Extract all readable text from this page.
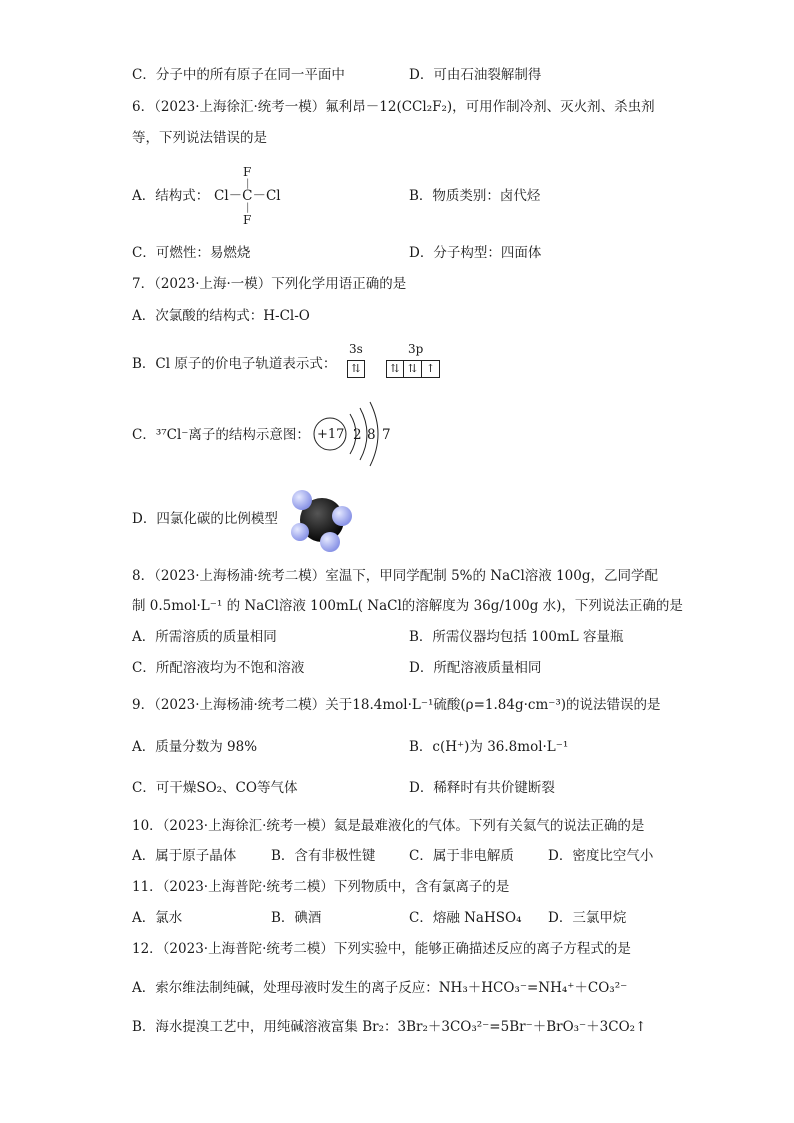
C．分子中的所有原子在同一平面中	D．可由石油裂解制得
6．（2023·上海徐汇·统考一模）氟利昂－12(CCl₂F₂)，可用作制冷剂、灭火剂、杀虫剂
等，下列说法错误的是
A．结构式：
F
|
Cl－C－Cl
|
F
B．物质类别：卤代烃
C．可燃性：易燃烧	D．分子构型：四面体
7．（2023·上海·一模）下列化学用语正确的是
A．次氯酸的结构式：H-Cl-O
B．Cl 原子的价电子轨道表示式：
3s	3p
⇅	⇅ ⇅ ↑
C．³⁷Cl⁻离子的结构示意图： +17 2 8 7
D．四氯化碳的比例模型
8．（2023·上海杨浦·统考二模）室温下，甲同学配制 5%的 NaCl溶液 100g，乙同学配
制 0.5mol·L⁻¹ 的 NaCl溶液 100mL( NaCl的溶解度为 36g/100g 水)，下列说法正确的是
A．所需溶质的质量相同	B．所需仪器均包括 100mL 容量瓶
C．所配溶液均为不饱和溶液	D．所配溶液质量相同
9．（2023·上海杨浦·统考二模）关于18.4mol·L⁻¹硫酸(ρ=1.84g·cm⁻³)的说法错误的是
A．质量分数为 98%	B．c(H⁺)为 36.8mol·L⁻¹
C．可干燥SO₂、CO等气体	D．稀释时有共价键断裂
10．（2023·上海徐汇·统考一模）氦是最难液化的气体。下列有关氦气的说法正确的是
A．属于原子晶体	B．含有非极性键 C．属于非电解质	D．密度比空气小
11．（2023·上海普陀·统考二模）下列物质中，含有氯离子的是
A．氯水	B．碘酒	C．熔融 NaHSO₄ D．三氯甲烷
12．（2023·上海普陀·统考二模）下列实验中，能够正确描述反应的离子方程式的是
A．索尔维法制纯碱，处理母液时发生的离子反应：NH₃＋HCO₃⁻=NH₄⁺＋CO₃²⁻
B．海水提溴工艺中，用纯碱溶液富集 Br₂：3Br₂＋3CO₃²⁻=5Br⁻＋BrO₃⁻＋3CO₂↑
